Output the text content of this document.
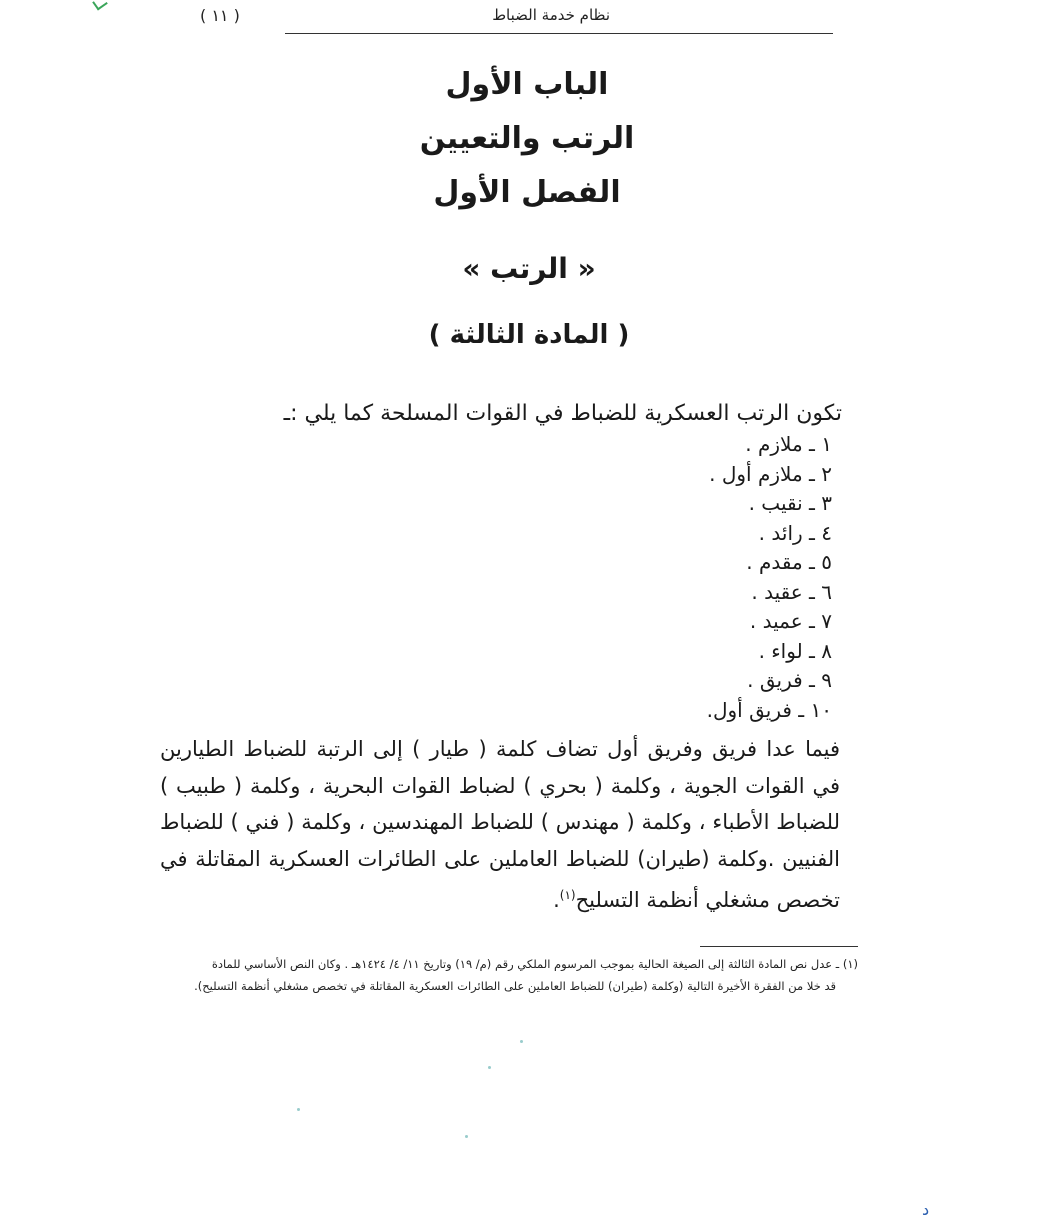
نظام خدمة الضباط
( ١١ )

الباب الأول

الرتب والتعيين

الفصل الأول

« الرتب »
( المادة الثالثة )

تكون الرتب العسكرية للضباط في القوات المسلحة كما يلي :ـ

١ ـ ملازم .
٢ ـ ملازم أول .
٣ ـ نقيب .
٤ ـ رائد .
٥ ـ مقدم .
٦ ـ عقيد .
٧ ـ عميد .
٨ ـ لواء .
٩ ـ فريق .
١٠ ـ فريق أول.

فيما عدا فريق وفريق أول تضاف كلمة ( طيار ) إلى الرتبة للضباط الطيارين في القوات الجوية ، وكلمة ( بحري ) لضباط القوات البحرية ، وكلمة ( طبيب ) للضباط الأطباء ، وكلمة ( مهندس ) للضباط المهندسين ، وكلمة ( فني ) للضباط الفنيين .وكلمة (طيران) للضباط العاملين على الطائرات العسكرية المقاتلة في تخصص مشغلي أنظمة التسليح$^{(١)}$.

(١) ـ عدل نص المادة الثالثة إلى الصيغة الحالية بموجب المرسوم الملكي رقم (م/ ١٩) وتاريخ ١١/ ٤/ ١٤٢٤هـ . وكان النص الأساسي للمادة
قد خلا من الفقرة الأخيرة التالية (وكلمة (طيران) للضباط العاملين على الطائرات العسكرية المقاتلة في تخصص مشغلي أنظمة التسليح).
د
